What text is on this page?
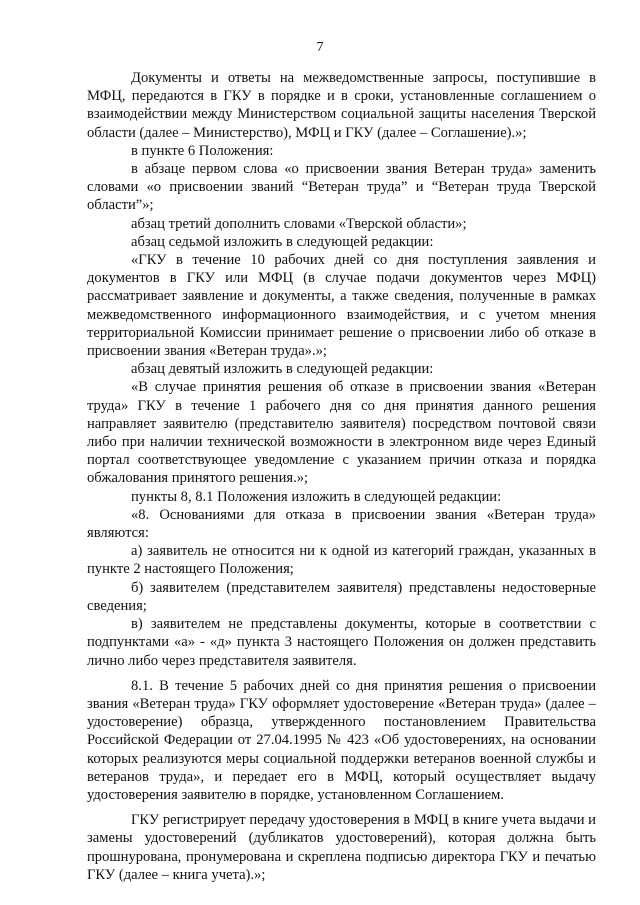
7

Документы и ответы на межведомственные запросы, поступившие в МФЦ, передаются в ГКУ в порядке и в сроки, установленные соглашением о взаимодействии между Министерством социальной защиты населения Тверской области (далее – Министерство), МФЦ и ГКУ (далее – Соглашение).»;

в пункте 6 Положения:

в абзаце первом слова «о присвоении звания Ветеран труда» заменить словами «о присвоении званий “Ветеран труда” и “Ветеран труда Тверской области”»;

абзац третий дополнить словами «Тверской области»;

абзац седьмой изложить в следующей редакции:

«ГКУ в течение 10 рабочих дней со дня поступления заявления и документов в ГКУ или МФЦ (в случае подачи документов через МФЦ) рассматривает заявление и документы, а также сведения, полученные в рамках межведомственного информационного взаимодействия, и с учетом мнения территориальной Комиссии принимает решение о присвоении либо об отказе в присвоении звания «Ветеран труда».»;

абзац девятый изложить в следующей редакции:

«В случае принятия решения об отказе в присвоении звания «Ветеран труда» ГКУ в течение 1 рабочего дня со дня принятия данного решения направляет заявителю (представителю заявителя) посредством почтовой связи либо при наличии технической возможности в электронном виде через Единый портал соответствующее уведомление с указанием причин отказа и порядка обжалования принятого решения.»;

пункты 8, 8.1 Положения изложить в следующей редакции:

«8. Основаниями для отказа в присвоении звания «Ветеран труда» являются:

а) заявитель не относится ни к одной из категорий граждан, указанных в пункте 2 настоящего Положения;

б) заявителем (представителем заявителя) представлены недостоверные сведения;

в) заявителем не представлены документы, которые в соответствии с подпунктами «а» - «д» пункта 3 настоящего Положения он должен представить лично либо через представителя заявителя.

8.1. В течение 5 рабочих дней со дня принятия решения о присвоении звания «Ветеран труда» ГКУ оформляет удостоверение «Ветеран труда» (далее – удостоверение) образца, утвержденного постановлением Правительства Российской Федерации от 27.04.1995 № 423 «Об удостоверениях, на основании которых реализуются меры социальной поддержки ветеранов военной службы и ветеранов труда», и передает его в МФЦ, который осуществляет выдачу удостоверения заявителю в порядке, установленном Соглашением.

ГКУ регистрирует передачу удостоверения в МФЦ в книге учета выдачи и замены удостоверений (дубликатов удостоверений), которая должна быть прошнурована, пронумерована и скреплена подписью директора ГКУ и печатью ГКУ (далее – книга учета).»;
